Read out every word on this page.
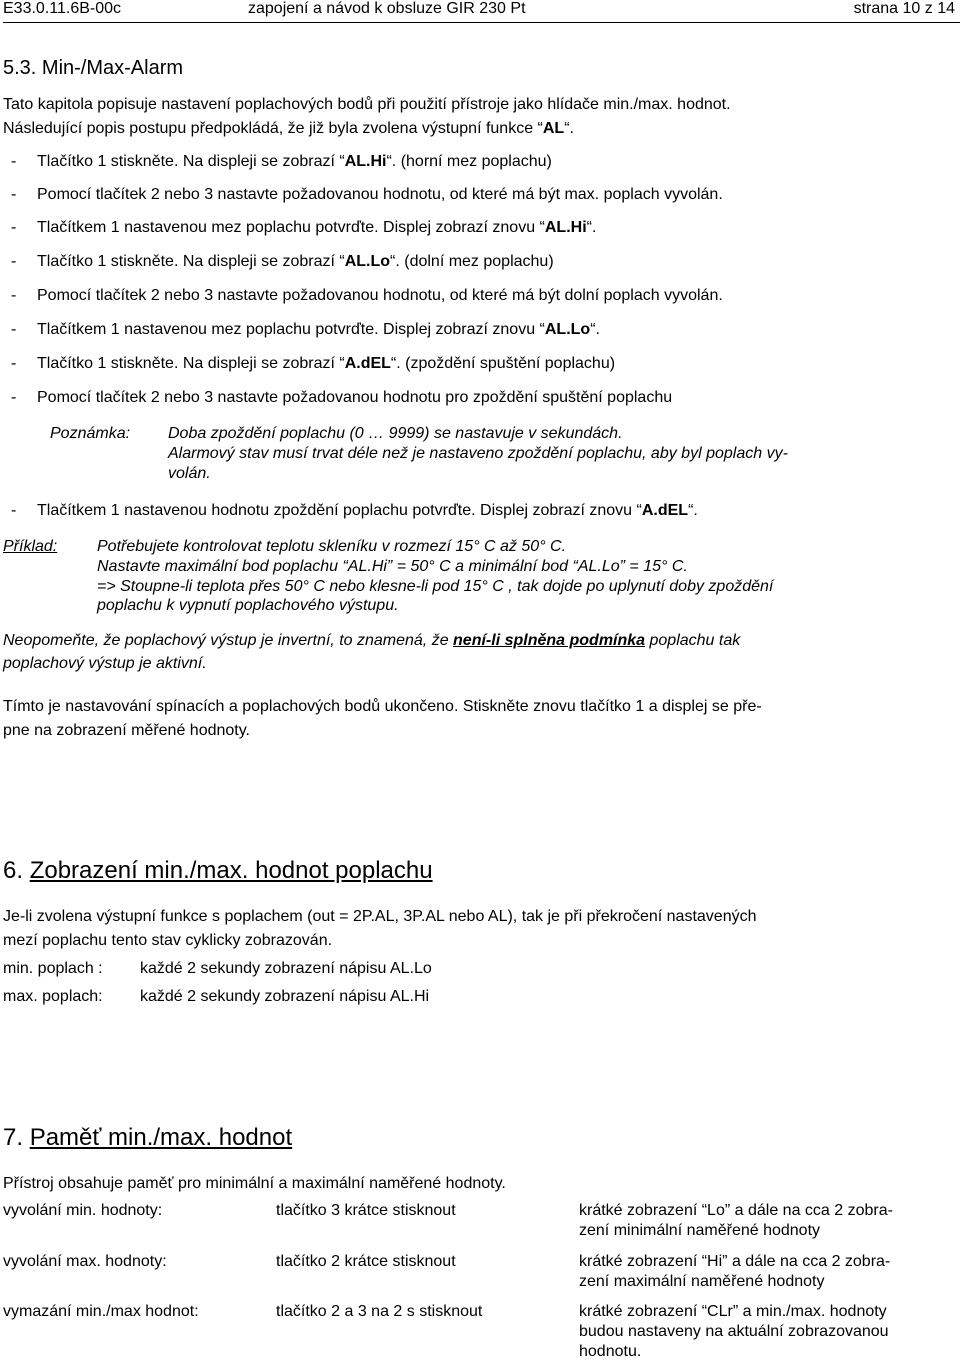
E33.0.11.6B-00c	zapojení a návod k obsluze GIR 230 Pt	strana 10 z 14
5.3. Min-/Max-Alarm
Tato kapitola popisuje nastavení poplachových bodů při použití přístroje jako hlídače min./max. hodnot.
Následující popis postupu předpokládá, že již byla zvolena výstupní funkce “AL“.
- Tlačítko 1 stiskněte. Na displeji se zobrazí “AL.Hi“. (horní mez poplachu)
- Pomocí tlačítek 2 nebo 3 nastavte požadovanou hodnotu, od které má být max. poplach vyvolán.
- Tlačítkem 1 nastavenou mez poplachu potvrďte. Displej zobrazí znovu “AL.Hi“.
- Tlačítko 1 stiskněte. Na displeji se zobrazí “AL.Lo“. (dolní mez poplachu)
- Pomocí tlačítek 2 nebo 3 nastavte požadovanou hodnotu, od které má být dolní poplach vyvolán.
- Tlačítkem 1 nastavenou mez poplachu potvrďte. Displej zobrazí znovu “AL.Lo“.
- Tlačítko 1 stiskněte. Na displeji se zobrazí “A.dEL“. (zpoždění spuštění poplachu)
- Pomocí tlačítek 2 nebo 3 nastavte požadovanou hodnotu pro zpoždění spuštění poplachu
Poznámka: Doba zpoždění poplachu (0 … 9999) se nastavuje v sekundách.
Alarmový stav musí trvat déle než je nastaveno zpoždění poplachu, aby byl poplach vy-
volán.
- Tlačítkem 1 nastavenou hodnotu zpoždění poplachu potvrďte. Displej zobrazí znovu “A.dEL“.
Příklad: Potřebujete kontrolovat teplotu skleníku v rozmezí 15° C až 50° C.
Nastavte maximální bod poplachu “AL.Hi” = 50° C a minimální bod “AL.Lo” = 15° C.
=> Stoupne-li teplota přes 50° C nebo klesne-li pod 15° C , tak dojde po uplynutí doby zpoždění
poplachu k vypnutí poplachového výstupu.
Neopomeňte, že poplachový výstup je invertní, to znamená, že není-li splněna podmínka poplachu tak
poplachový výstup je aktivní.
Tímto je nastavování spínacích a poplachových bodů ukončeno. Stiskněte znovu tlačítko 1 a displej se pře-
pne na zobrazení měřené hodnoty.
6. Zobrazení min./max. hodnot poplachu
Je-li zvolena výstupní funkce s poplachem (out = 2P.AL, 3P.AL nebo AL), tak je při překročení nastavených
mezí poplachu tento stav cyklicky zobrazován.
min. poplach : každé 2 sekundy zobrazení nápisu AL.Lo
max. poplach: každé 2 sekundy zobrazení nápisu AL.Hi
7. Paměť min./max. hodnot
Přístroj obsahuje paměť pro minimální a maximální naměřené hodnoty.
vyvolání min. hodnoty:	tlačítko 3 krátce stisknout	krátké zobrazení “Lo” a dále na cca 2 zobra-
zení minimální naměřené hodnoty
vyvolání max. hodnoty:	tlačítko 2 krátce stisknout	krátké zobrazení “Hi” a dále na cca 2 zobra-
zení maximální naměřené hodnoty
vymazání min./max hodnot:	tlačítko 2 a 3 na 2 s stisknout	krátké zobrazení “CLr” a min./max. hodnoty
budou nastaveny na aktuální zobrazovanou
hodnotu.
